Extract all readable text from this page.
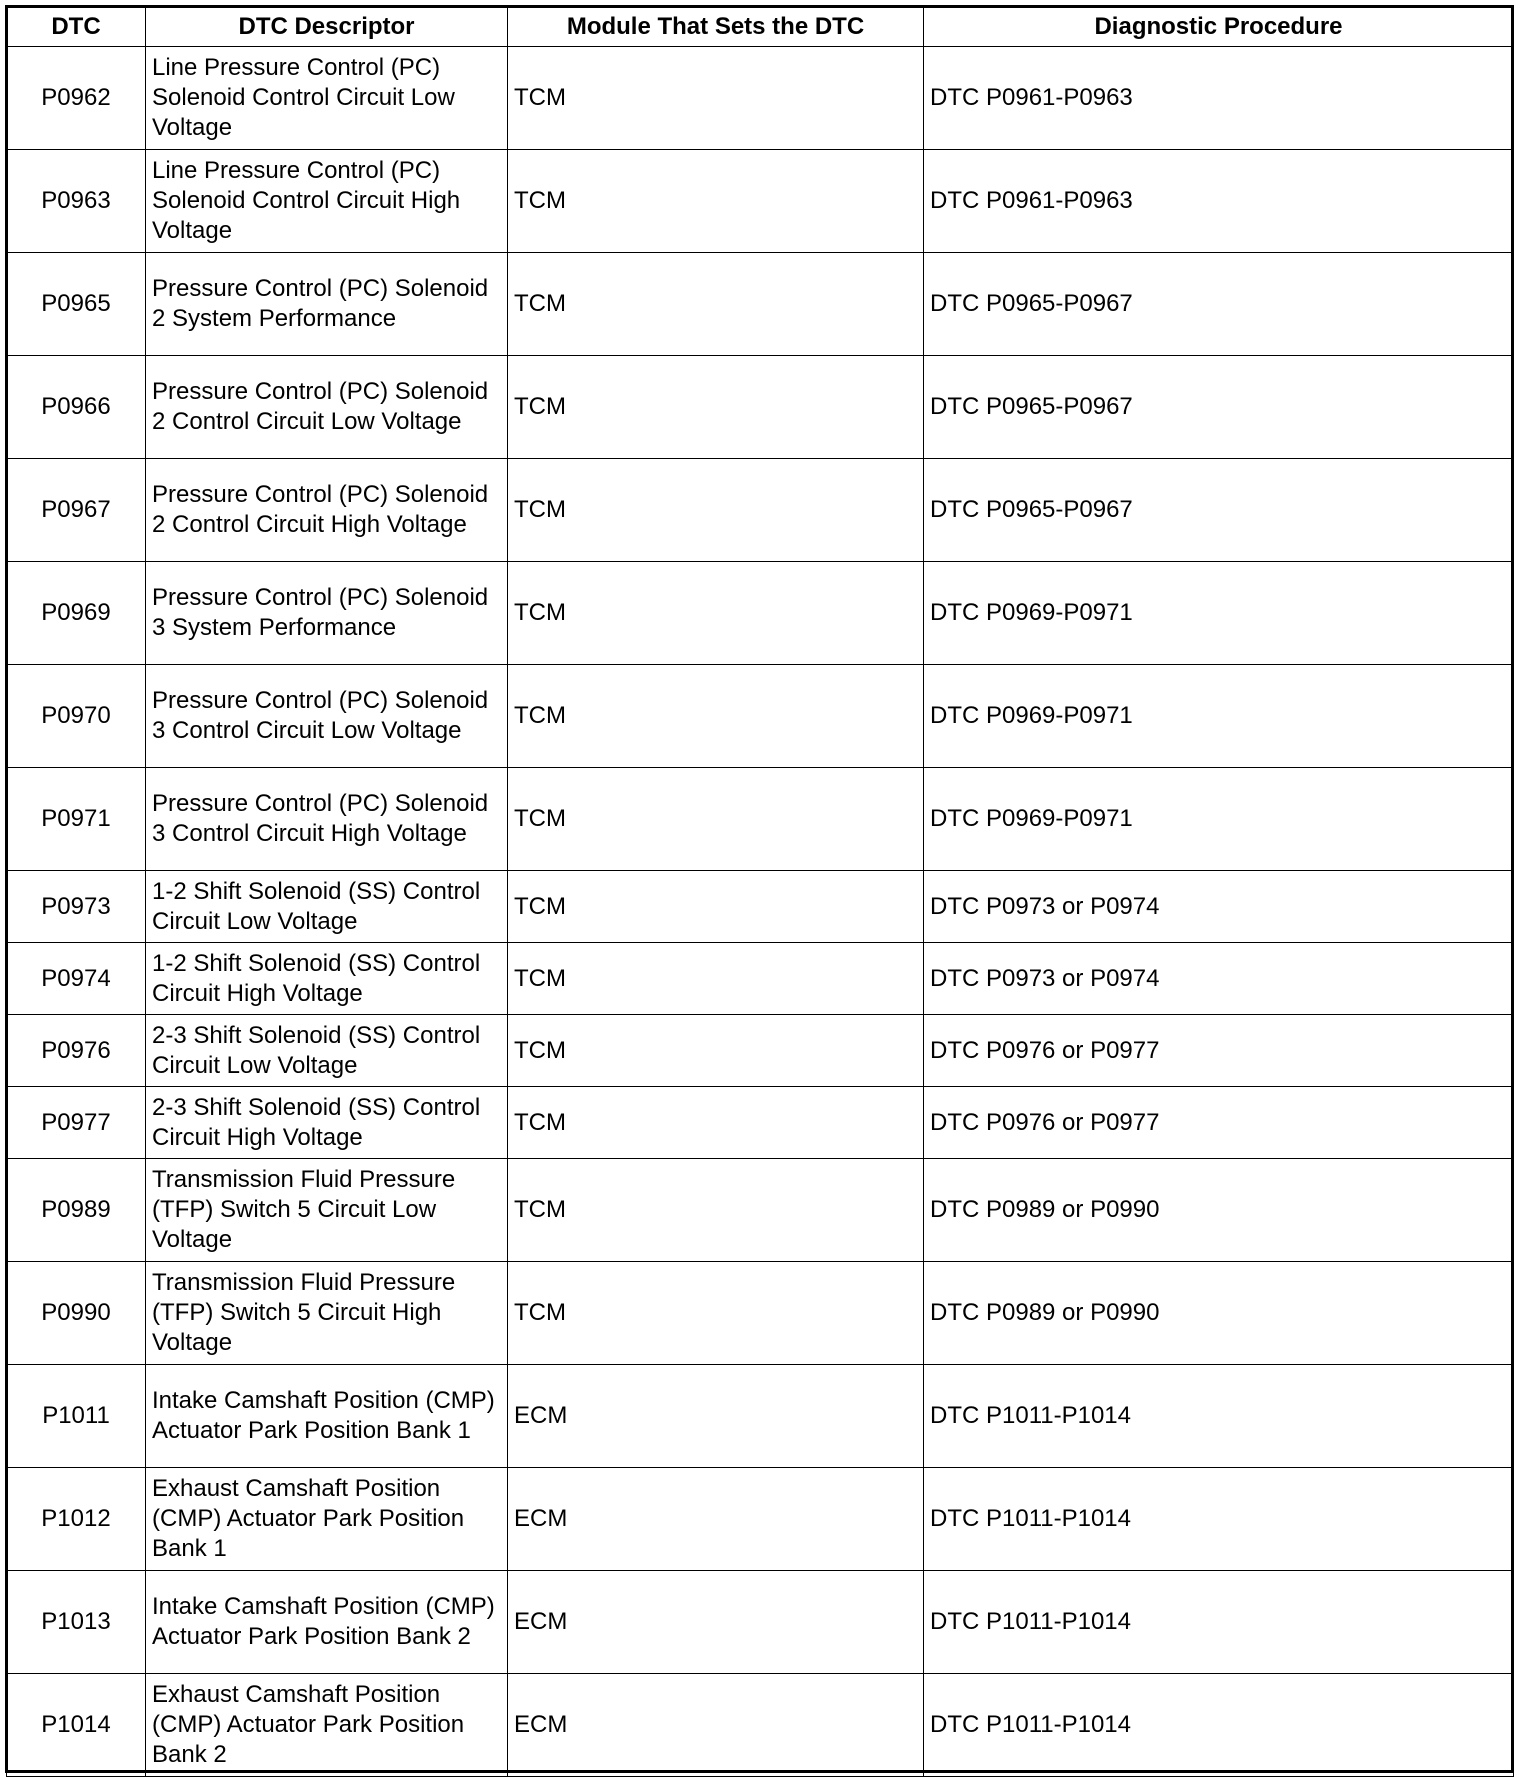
DTC	DTC Descriptor	Module That Sets the DTC	Diagnostic Procedure
P0962	Line Pressure Control (PC) Solenoid Control Circuit Low Voltage	TCM	DTC P0961-P0963
P0963	Line Pressure Control (PC) Solenoid Control Circuit High Voltage	TCM	DTC P0961-P0963
P0965	Pressure Control (PC) Solenoid 2 System Performance	TCM	DTC P0965-P0967
P0966	Pressure Control (PC) Solenoid 2 Control Circuit Low Voltage	TCM	DTC P0965-P0967
P0967	Pressure Control (PC) Solenoid 2 Control Circuit High Voltage	TCM	DTC P0965-P0967
P0969	Pressure Control (PC) Solenoid 3 System Performance	TCM	DTC P0969-P0971
P0970	Pressure Control (PC) Solenoid 3 Control Circuit Low Voltage	TCM	DTC P0969-P0971
P0971	Pressure Control (PC) Solenoid 3 Control Circuit High Voltage	TCM	DTC P0969-P0971
P0973	1-2 Shift Solenoid (SS) Control Circuit Low Voltage	TCM	DTC P0973 or P0974
P0974	1-2 Shift Solenoid (SS) Control Circuit High Voltage	TCM	DTC P0973 or P0974
P0976	2-3 Shift Solenoid (SS) Control Circuit Low Voltage	TCM	DTC P0976 or P0977
P0977	2-3 Shift Solenoid (SS) Control Circuit High Voltage	TCM	DTC P0976 or P0977
P0989	Transmission Fluid Pressure (TFP) Switch 5 Circuit Low Voltage	TCM	DTC P0989 or P0990
P0990	Transmission Fluid Pressure (TFP) Switch 5 Circuit High Voltage	TCM	DTC P0989 or P0990
P1011	Intake Camshaft Position (CMP) Actuator Park Position Bank 1	ECM	DTC P1011-P1014
P1012	Exhaust Camshaft Position (CMP) Actuator Park Position Bank 1	ECM	DTC P1011-P1014
P1013	Intake Camshaft Position (CMP) Actuator Park Position Bank 2	ECM	DTC P1011-P1014
P1014	Exhaust Camshaft Position (CMP) Actuator Park Position Bank 2	ECM	DTC P1011-P1014
